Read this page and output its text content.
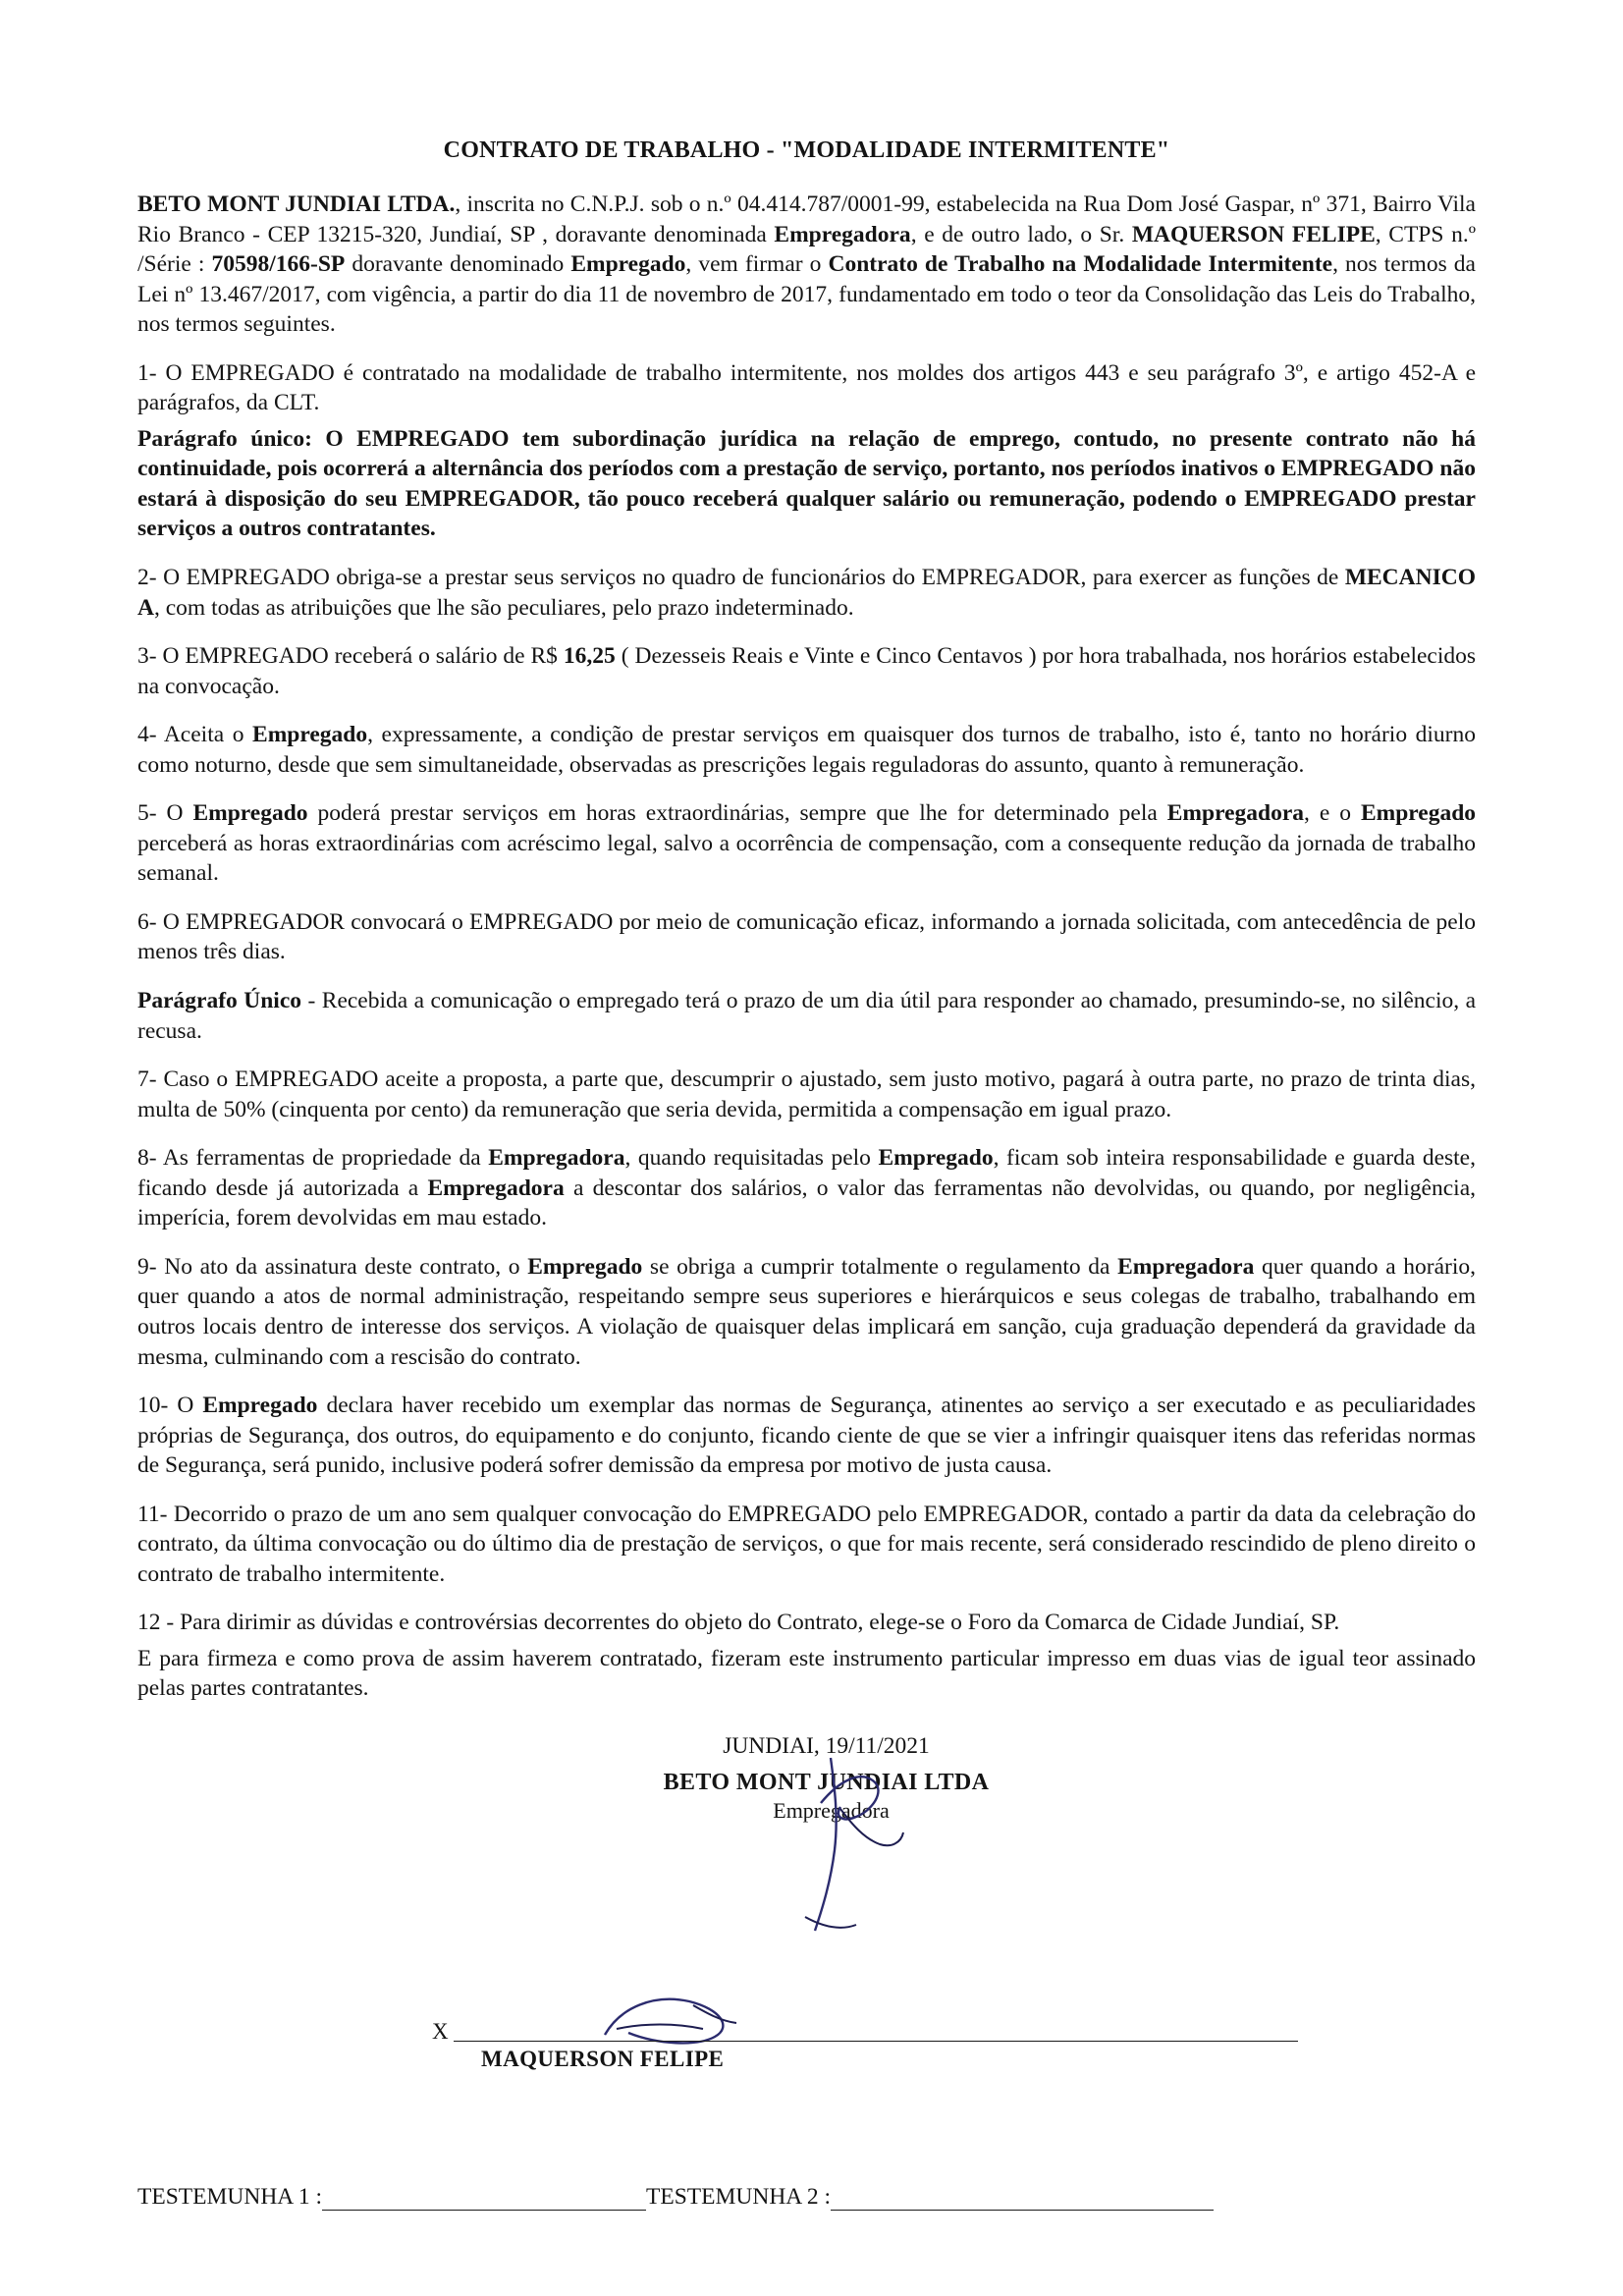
CONTRATO DE TRABALHO - "MODALIDADE INTERMITENTE"

BETO MONT JUNDIAI LTDA., inscrita no C.N.P.J. sob o n.º 04.414.787/0001-99, estabelecida na Rua Dom José Gaspar, nº 371, Bairro Vila Rio Branco - CEP 13215-320, Jundiaí, SP , doravante denominada Empregadora, e de outro lado, o Sr. MAQUERSON FELIPE, CTPS n.º /Série : 70598/166-SP doravante denominado Empregado, vem firmar o Contrato de Trabalho na Modalidade Intermitente, nos termos da Lei nº 13.467/2017, com vigência, a partir do dia 11 de novembro de 2017, fundamentado em todo o teor da Consolidação das Leis do Trabalho, nos termos seguintes.

1- O EMPREGADO é contratado na modalidade de trabalho intermitente, nos moldes dos artigos 443 e seu parágrafo 3º, e artigo 452-A e parágrafos, da CLT.

Parágrafo único: O EMPREGADO tem subordinação jurídica na relação de emprego, contudo, no presente contrato não há continuidade, pois ocorrerá a alternância dos períodos com a prestação de serviço, portanto, nos períodos inativos o EMPREGADO não estará à disposição do seu EMPREGADOR, tão pouco receberá qualquer salário ou remuneração, podendo o EMPREGADO prestar serviços a outros contratantes.

2- O EMPREGADO obriga-se a prestar seus serviços no quadro de funcionários do EMPREGADOR, para exercer as funções de MECANICO A, com todas as atribuições que lhe são peculiares, pelo prazo indeterminado.

3- O EMPREGADO receberá o salário de R$ 16,25 ( Dezesseis Reais e Vinte e Cinco Centavos ) por hora trabalhada, nos horários estabelecidos na convocação.

4- Aceita o Empregado, expressamente, a condição de prestar serviços em quaisquer dos turnos de trabalho, isto é, tanto no horário diurno como noturno, desde que sem simultaneidade, observadas as prescrições legais reguladoras do assunto, quanto à remuneração.

5- O Empregado poderá prestar serviços em horas extraordinárias, sempre que lhe for determinado pela Empregadora, e o Empregado perceberá as horas extraordinárias com acréscimo legal, salvo a ocorrência de compensação, com a consequente redução da jornada de trabalho semanal.

6- O EMPREGADOR convocará o EMPREGADO por meio de comunicação eficaz, informando a jornada solicitada, com antecedência de pelo menos três dias.

Parágrafo Único - Recebida a comunicação o empregado terá o prazo de um dia útil para responder ao chamado, presumindo-se, no silêncio, a recusa.

7- Caso o EMPREGADO aceite a proposta, a parte que, descumprir o ajustado, sem justo motivo, pagará à outra parte, no prazo de trinta dias, multa de 50% (cinquenta por cento) da remuneração que seria devida, permitida a compensação em igual prazo.

8- As ferramentas de propriedade da Empregadora, quando requisitadas pelo Empregado, ficam sob inteira responsabilidade e guarda deste, ficando desde já autorizada a Empregadora a descontar dos salários, o valor das ferramentas não devolvidas, ou quando, por negligência, imperícia, forem devolvidas em mau estado.

9- No ato da assinatura deste contrato, o Empregado se obriga a cumprir totalmente o regulamento da Empregadora quer quando a horário, quer quando a atos de normal administração, respeitando sempre seus superiores e hierárquicos e seus colegas de trabalho, trabalhando em outros locais dentro de interesse dos serviços. A violação de quaisquer delas implicará em sanção, cuja graduação dependerá da gravidade da mesma, culminando com a rescisão do contrato.

10- O Empregado declara haver recebido um exemplar das normas de Segurança, atinentes ao serviço a ser executado e as peculiaridades próprias de Segurança, dos outros, do equipamento e do conjunto, ficando ciente de que se vier a infringir quaisquer itens das referidas normas de Segurança, será punido, inclusive poderá sofrer demissão da empresa por motivo de justa causa.

11- Decorrido o prazo de um ano sem qualquer convocação do EMPREGADO pelo EMPREGADOR, contado a partir da data da celebração do contrato, da última convocação ou do último dia de prestação de serviços, o que for mais recente, será considerado rescindido de pleno direito o contrato de trabalho intermitente.

12 - Para dirimir as dúvidas e controvérsias decorrentes do objeto do Contrato, elege-se o Foro da Comarca de Cidade Jundiaí, SP.

E para firmeza e como prova de assim haverem contratado, fizeram este instrumento particular impresso em duas vias de igual teor assinado pelas partes contratantes.

JUNDIAI, 19/11/2021
BETO MONT JUNDIAI LTDA
Empregadora
X
MAQUERSON FELIPE
TESTEMUNHA 1 :	TESTEMUNHA 2 :
